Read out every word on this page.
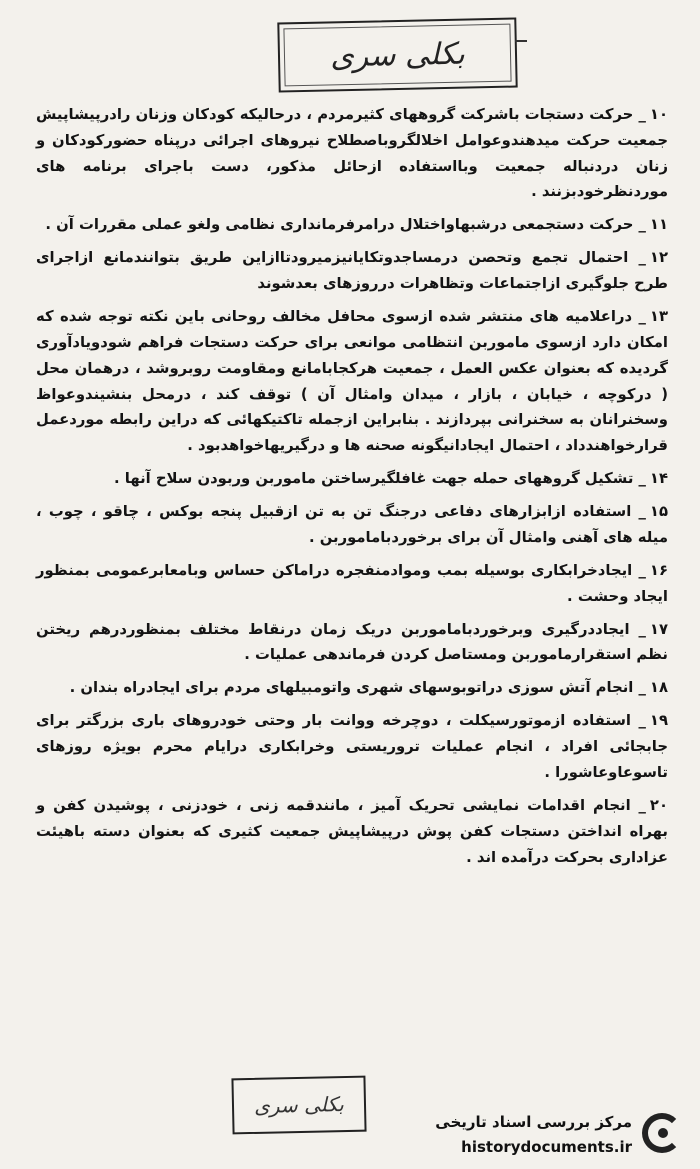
بکلی سری

۱۰_ حرکت دستجات باشرکت گروههای کثیرمردم ، درحالیکه کودکان وزنان رادرپیشاپیش جمعیت حرکت میدهندوعوامل اخلالگروباصطلاح نیروهای اجرائی درپناه حضورکودکان و زنان دردنباله جمعیت وبااستفاده ازحائل مذکور، دست باجرای برنامه های موردنظرخودبزنند .

۱۱_ حرکت دستجمعی درشبهاواختلال درامرفرمانداری نظامی ولغو عملی مقررات آن .

۱۲_ احتمال تجمع وتحصن درمساجدوتکایانیزمیرودتاازاین طریق بتوانندمانع ازاجرای طرح جلوگیری ازاجتماعات وتظاهرات درروزهای بعدشوند

۱۳_ دراعلامیه های منتشر شده ازسوی محافل مخالف روحانی باین نکته توجه شده که امکان دارد ازسوی ماموربن انتظامی موانعی برای حرکت دستجات فراهم شودویادآوری گردیده که بعنوان عکس العمل ، جمعیت هرکجابامانع ومقاومت روبروشد ، درهمان محل ( درکوچه ، خیابان ، بازار ، میدان وامثال آن ) توقف کند ، درمحل بنشیندوعواظ وسخنرانان به سخنرانی بپردازند . بنابراین ازجمله تاکتیکهائی که دراین رابطه موردعمل قرارخواهندداد ، احتمال ایجادانیگونه صحنه ها و درگیریهاخواهدبود .

۱۴_ تشکیل گروههای حمله جهت غافلگیرساختن ماموربن وربودن سلاح آنها .

۱۵_ استفاده ازابزارهای دفاعی درجنگ تن به تن ازقبیل پنجه بوکس ، چاقو ، چوب ، میله های آهنی وامثال آن برای برخوردباماموربن .

۱۶_ ایجادخرابکاری بوسیله بمب وموادمنفجره دراماکن حساس وبامعابرعمومی بمنظور ایجاد وحشت .

۱۷_ ایجاددرگیری وبرخوردباماموربن دریک زمان درنقاط مختلف بمنظوردرهم ریختن نظم استقرارماموربن ومستاصل کردن فرماندهی عملیات .

۱۸_ انجام آتش سوزی دراتوبوسهای شهری واتومبیلهای مردم برای ایجادراه بندان .

۱۹_ استفاده ازموتورسیکلت ، دوچرخه ووانت بار وحتی خودروهای باری بزرگتر برای جابجائی افراد ، انجام عملیات تروریستی وخرابکاری درایام محرم بویژه روزهای تاسوعاوعاشورا .

۲۰_ انجام اقدامات نمایشی تحریک آمیز ، مانندقمه زنی ، خودزنی ، پوشیدن کفن و بهراه انداختن دستجات کفن پوش درپیشاپیش جمعیت کثیری که بعنوان دسته باهیئت عزاداری بحرکت درآمده اند .

بکلی سری
مرکز بررسی اسناد تاریخی
historydocuments.ir
